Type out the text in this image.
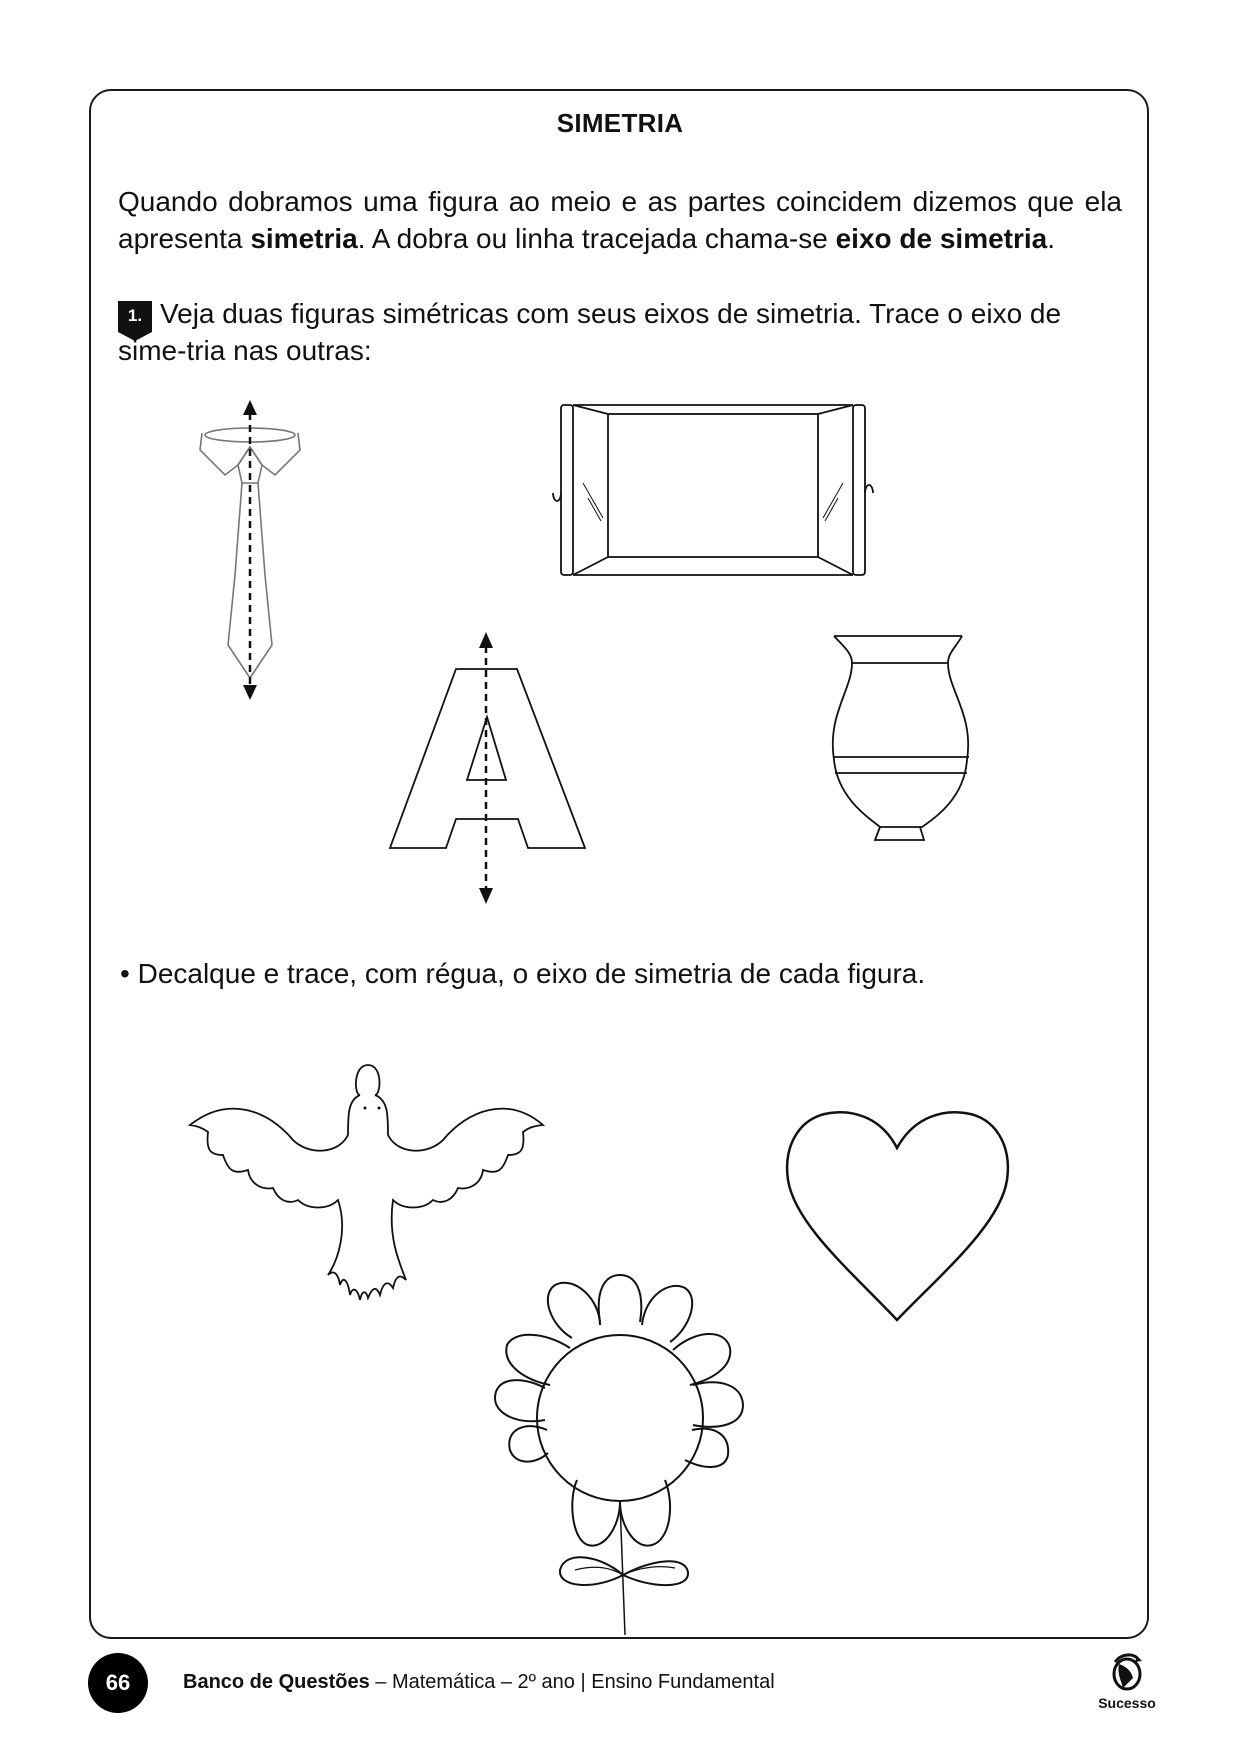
SIMETRIA
Quando dobramos uma figura ao meio e as partes coincidem dizemos que ela apresenta simetria. A dobra ou linha tracejada chama-se eixo de simetria.
1. Veja duas figuras simétricas com seus eixos de simetria. Trace o eixo de sime-tria nas outras:
• Decalque e trace, com régua, o eixo de simetria de cada figura.
66	Banco de Questões – Matemática – 2º ano | Ensino Fundamental
Sucesso
